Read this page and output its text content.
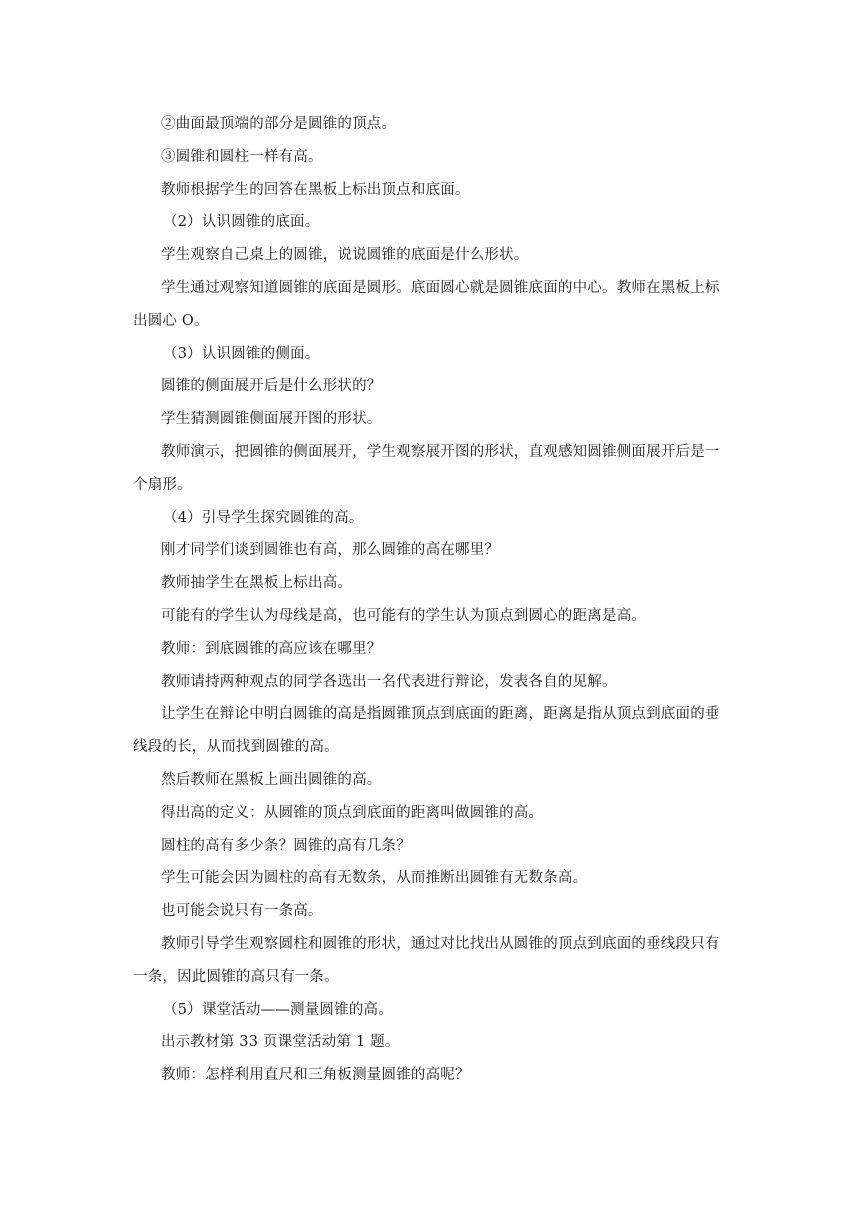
②曲面最顶端的部分是圆锥的顶点。

③圆锥和圆柱一样有高。

教师根据学生的回答在黑板上标出顶点和底面。

（2）认识圆锥的底面。

学生观察自己桌上的圆锥，说说圆锥的底面是什么形状。

学生通过观察知道圆锥的底面是圆形。底面圆心就是圆锥底面的中心。教师在黑板上标出圆心 O。

（3）认识圆锥的侧面。

圆锥的侧面展开后是什么形状的？

学生猜测圆锥侧面展开图的形状。

教师演示，把圆锥的侧面展开，学生观察展开图的形状，直观感知圆锥侧面展开后是一个扇形。

（4）引导学生探究圆锥的高。

刚才同学们谈到圆锥也有高，那么圆锥的高在哪里？

教师抽学生在黑板上标出高。

可能有的学生认为母线是高，也可能有的学生认为顶点到圆心的距离是高。

教师：到底圆锥的高应该在哪里？

教师请持两种观点的同学各选出一名代表进行辩论，发表各自的见解。

让学生在辩论中明白圆锥的高是指圆锥顶点到底面的距离，距离是指从顶点到底面的垂线段的长，从而找到圆锥的高。

然后教师在黑板上画出圆锥的高。

得出高的定义：从圆锥的顶点到底面的距离叫做圆锥的高。

圆柱的高有多少条？圆锥的高有几条？

学生可能会因为圆柱的高有无数条，从而推断出圆锥有无数条高。

也可能会说只有一条高。

教师引导学生观察圆柱和圆锥的形状，通过对比找出从圆锥的顶点到底面的垂线段只有一条，因此圆锥的高只有一条。

（5）课堂活动——测量圆锥的高。

出示教材第 33 页课堂活动第 1 题。

教师：怎样利用直尺和三角板测量圆锥的高呢？
